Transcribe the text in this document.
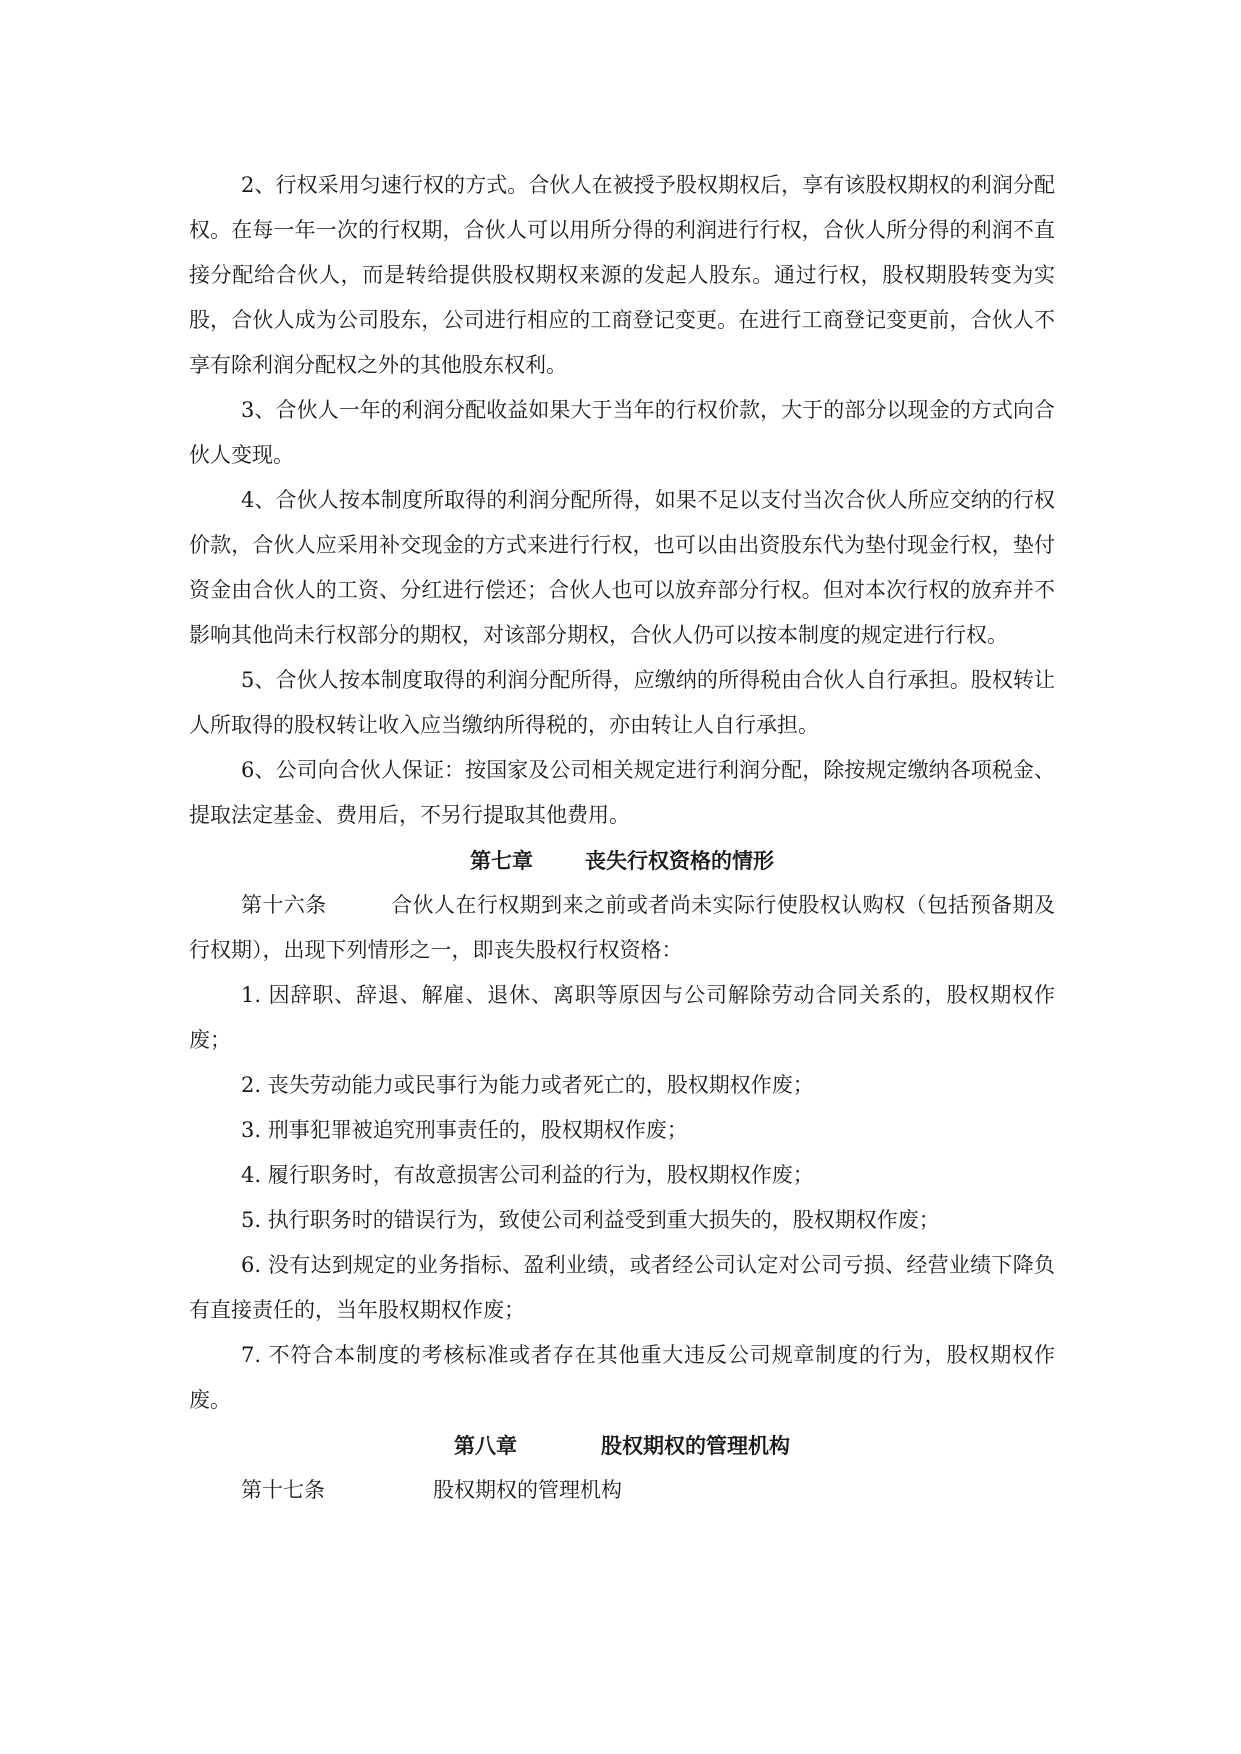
2、行权采用匀速行权的方式。合伙人在被授予股权期权后，享有该股权期权的利润分配权。在每一年一次的行权期，合伙人可以用所分得的利润进行行权，合伙人所分得的利润不直接分配给合伙人，而是转给提供股权期权来源的发起人股东。通过行权，股权期股转变为实股，合伙人成为公司股东，公司进行相应的工商登记变更。在进行工商登记变更前，合伙人不享有除利润分配权之外的其他股东权利。

3、合伙人一年的利润分配收益如果大于当年的行权价款，大于的部分以现金的方式向合伙人变现。

4、合伙人按本制度所取得的利润分配所得，如果不足以支付当次合伙人所应交纳的行权价款，合伙人应采用补交现金的方式来进行行权，也可以由出资股东代为垫付现金行权，垫付资金由合伙人的工资、分红进行偿还；合伙人也可以放弃部分行权。但对本次行权的放弃并不影响其他尚未行权部分的期权，对该部分期权，合伙人仍可以按本制度的规定进行行权。

5、合伙人按本制度取得的利润分配所得，应缴纳的所得税由合伙人自行承担。股权转让人所取得的股权转让收入应当缴纳所得税的，亦由转让人自行承担。

6、公司向合伙人保证：按国家及公司相关规定进行利润分配，除按规定缴纳各项税金、提取法定基金、费用后，不另行提取其他费用。

第七章 丧失行权资格的情形

第十六条	合伙人在行权期到来之前或者尚未实际行使股权认购权（包括预备期及行权期），出现下列情形之一，即丧失股权行权资格：

1. 因辞职、辞退、解雇、退休、离职等原因与公司解除劳动合同关系的，股权期权作废；

2. 丧失劳动能力或民事行为能力或者死亡的，股权期权作废；

3. 刑事犯罪被追究刑事责任的，股权期权作废；

4. 履行职务时，有故意损害公司利益的行为，股权期权作废；

5. 执行职务时的错误行为，致使公司利益受到重大损失的，股权期权作废；

6. 没有达到规定的业务指标、盈利业绩，或者经公司认定对公司亏损、经营业绩下降负有直接责任的，当年股权期权作废；

7. 不符合本制度的考核标准或者存在其他重大违反公司规章制度的行为，股权期权作废。

第八章	股权期权的管理机构

第十七条	股权期权的管理机构
